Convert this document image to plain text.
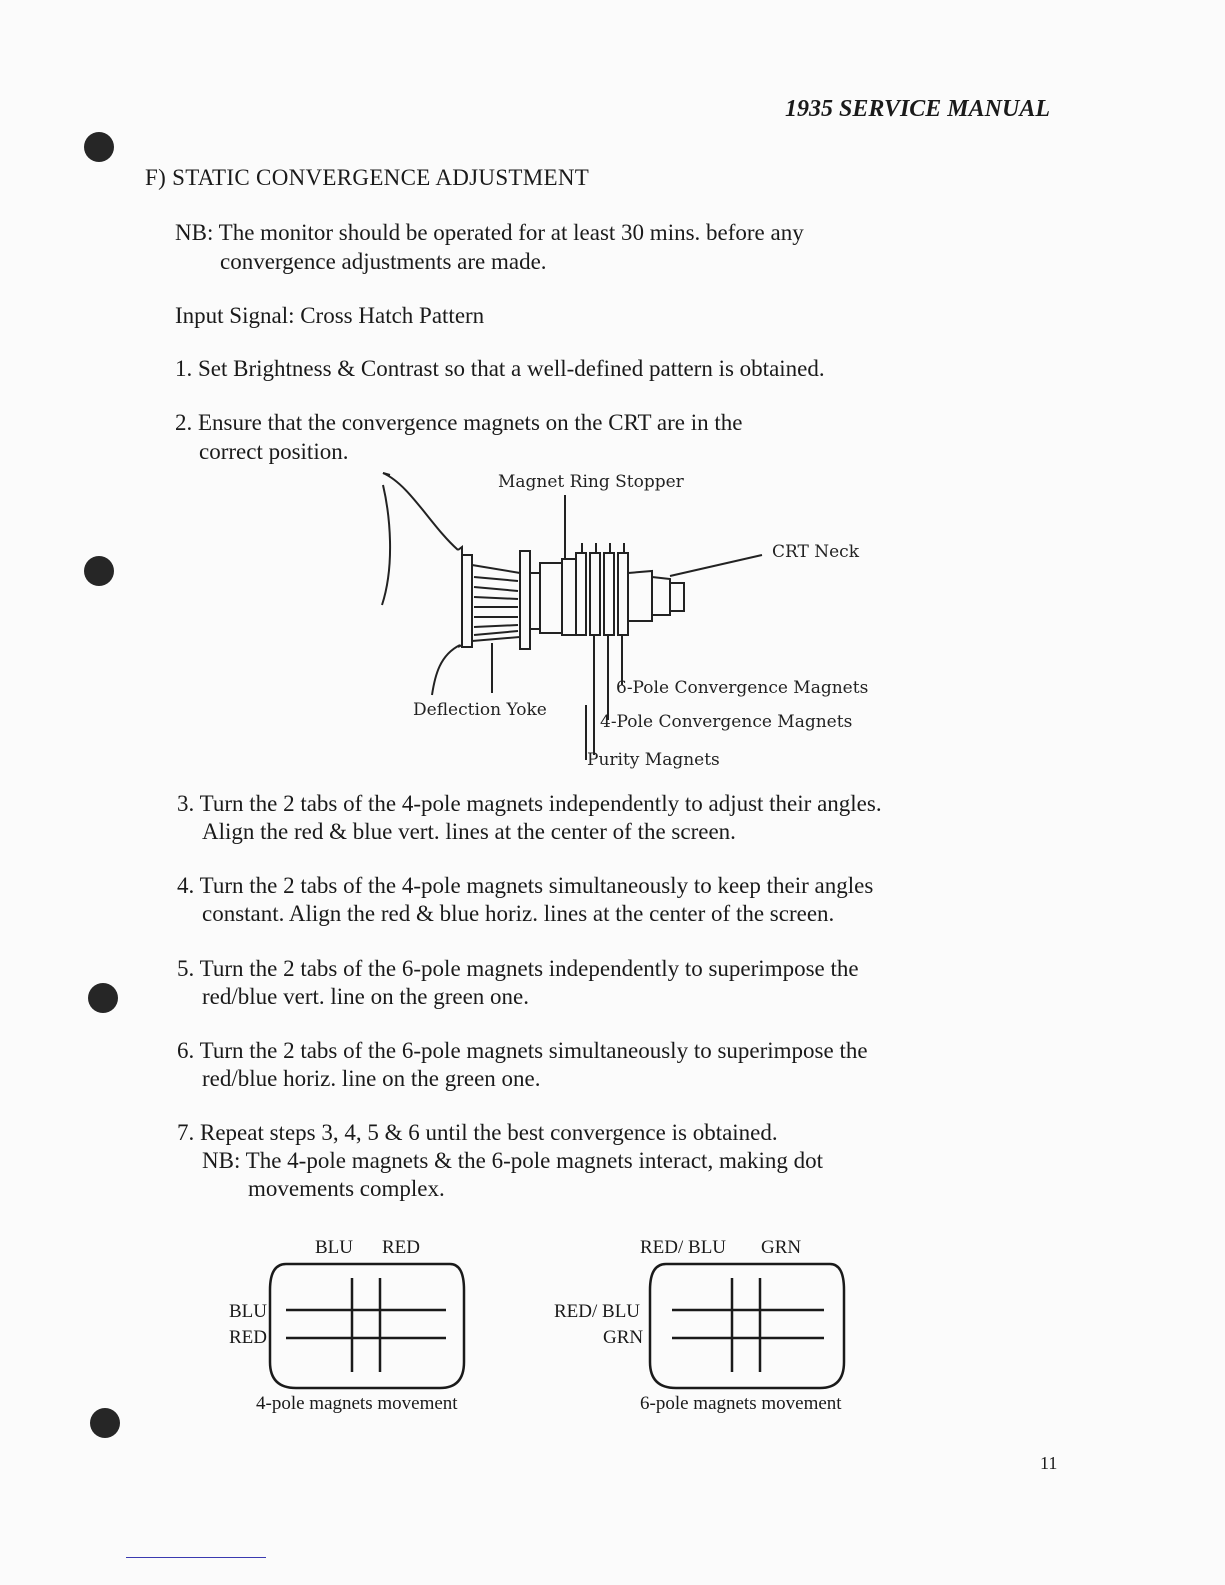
1935 SERVICE MANUAL
F) STATIC CONVERGENCE ADJUSTMENT
NB: The monitor should be operated for at least 30 mins. before any
convergence adjustments are made.
Input Signal: Cross Hatch Pattern
1. Set Brightness & Contrast so that a well-defined pattern is obtained.
2. Ensure that the convergence magnets on the CRT are in the
correct position.
Magnet Ring Stopper
CRT Neck
6-Pole Convergence Magnets
Deflection Yoke
4-Pole Convergence Magnets
Purity Magnets
3. Turn the 2 tabs of the 4-pole magnets independently to adjust their angles.
Align the red & blue vert. lines at the center of the screen.
4. Turn the 2 tabs of the 4-pole magnets simultaneously to keep their angles
constant. Align the red & blue horiz. lines at the center of the screen.
5. Turn the 2 tabs of the 6-pole magnets independently to superimpose the
red/blue vert. line on the green one.
6. Turn the 2 tabs of the 6-pole magnets simultaneously to superimpose the
red/blue horiz. line on the green one.
7. Repeat steps 3, 4, 5 & 6 until the best convergence is obtained.
NB: The 4-pole magnets & the 6-pole magnets interact, making dot
movements complex.
BLU RED
BLU
RED
4-pole magnets movement
RED/ BLU GRN
RED/ BLU
GRN
6-pole magnets movement
11
